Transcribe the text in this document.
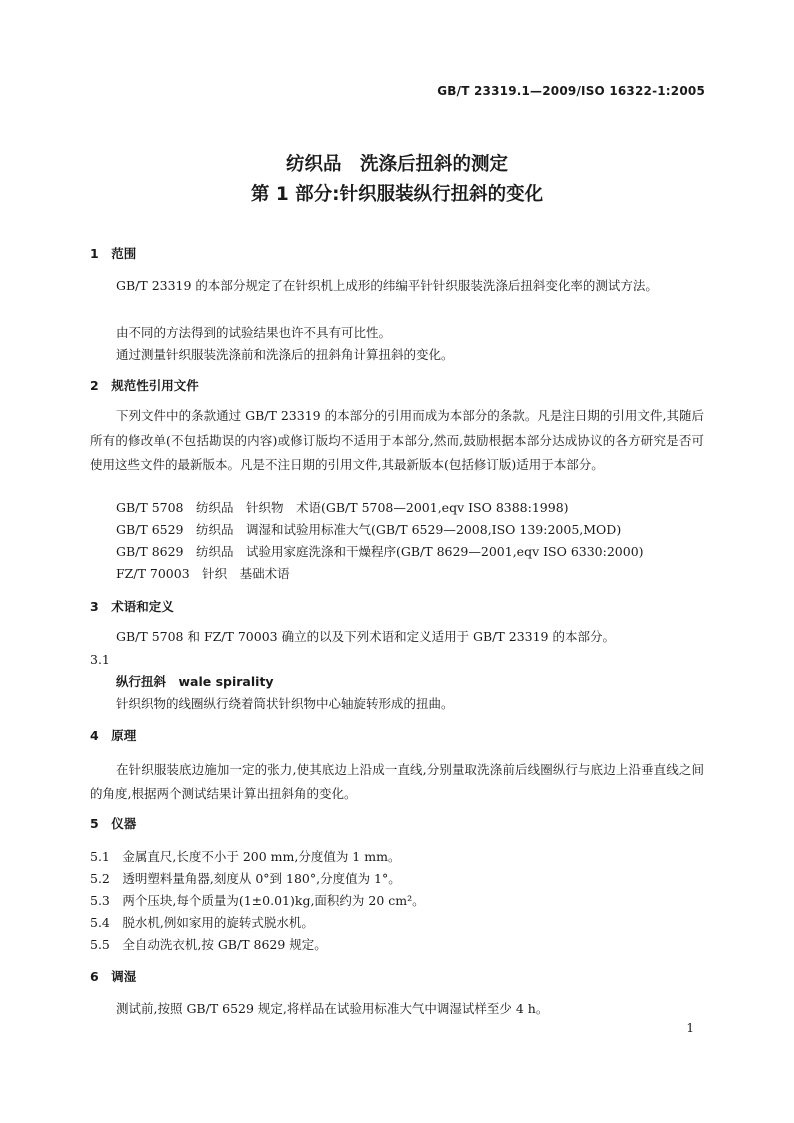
GB/T 23319.1—2009/ISO 16322-1:2005
纺织品　洗涤后扭斜的测定
第 1 部分:针织服装纵行扭斜的变化
1　范围
GB/T 23319 的本部分规定了在针织机上成形的纬编平针针织服装洗涤后扭斜变化率的测试方法。
由不同的方法得到的试验结果也许不具有可比性。
通过测量针织服装洗涤前和洗涤后的扭斜角计算扭斜的变化。
2　规范性引用文件
下列文件中的条款通过 GB/T 23319 的本部分的引用而成为本部分的条款。凡是注日期的引用文件,其随后所有的修改单(不包括勘误的内容)或修订版均不适用于本部分,然而,鼓励根据本部分达成协议的各方研究是否可使用这些文件的最新版本。凡是不注日期的引用文件,其最新版本(包括修订版)适用于本部分。
GB/T 5708　纺织品　针织物　术语(GB/T 5708—2001,eqv ISO 8388:1998)
GB/T 6529　纺织品　调湿和试验用标准大气(GB/T 6529—2008,ISO 139:2005,MOD)
GB/T 8629　纺织品　试验用家庭洗涤和干燥程序(GB/T 8629—2001,eqv ISO 6330:2000)
FZ/T 70003　针织　基础术语
3　术语和定义
GB/T 5708 和 FZ/T 70003 确立的以及下列术语和定义适用于 GB/T 23319 的本部分。
3.1
纵行扭斜　wale spirality
针织织物的线圈纵行绕着筒状针织物中心轴旋转形成的扭曲。
4　原理
在针织服装底边施加一定的张力,使其底边上沿成一直线,分别量取洗涤前后线圈纵行与底边上沿垂直线之间的角度,根据两个测试结果计算出扭斜角的变化。
5　仪器
5.1　金属直尺,长度不小于 200 mm,分度值为 1 mm。
5.2　透明塑料量角器,刻度从 0°到 180°,分度值为 1°。
5.3　两个压块,每个质量为(1±0.01)kg,面积约为 20 cm²。
5.4　脱水机,例如家用的旋转式脱水机。
5.5　全自动洗衣机,按 GB/T 8629 规定。
6　调湿
测试前,按照 GB/T 6529 规定,将样品在试验用标准大气中调湿试样至少 4 h。
1
